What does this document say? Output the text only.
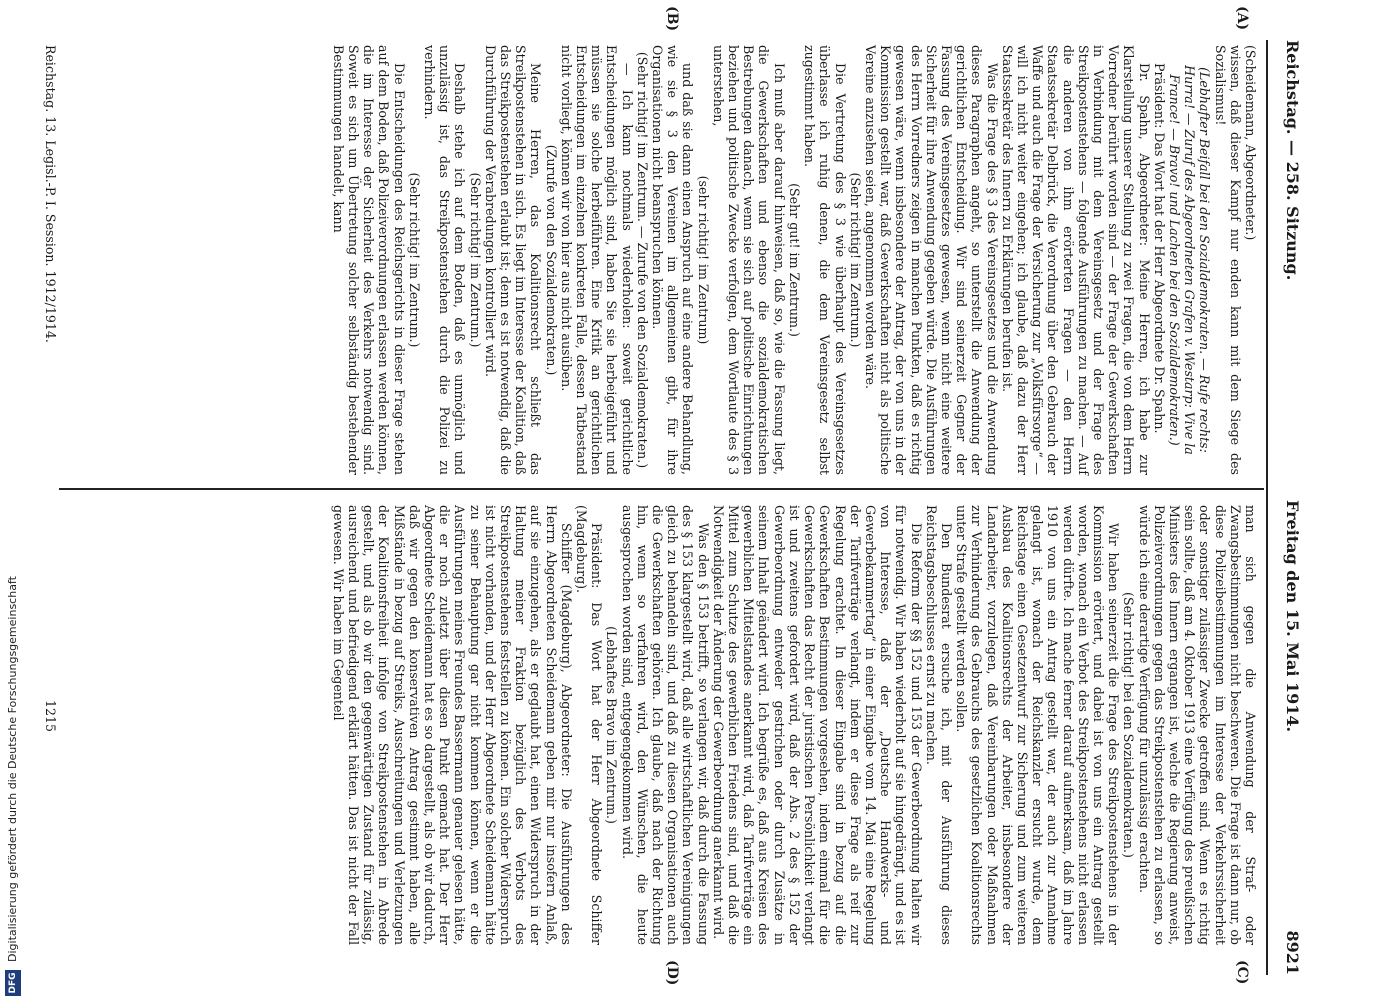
Reichstag. — 258. Sitzung.
Freitag den 15. Mai 1914.
8921
(A)
(B)
(C)
(D)

(Scheidemann, Abgeordneter.)

wissen, daß dieser Kampf nur enden kann mit dem Siege des Sozialismus!

(Lebhafter Beifall bei den Sozialdemokraten. — Rufe rechts: Hurra! — Zuruf des Abgeordneten Grafen v. Westarp: Vive la France! — Bravo! und Lachen bei den Sozialdemokraten.)

Präsident: Das Wort hat der Herr Abgeordnete Dr. Spahn.

Dr. Spahn, Abgeordneter: Meine Herren, ich habe zur Klarstellung unserer Stellung zu zwei Fragen, die von dem Herrn Vorredner berührt worden sind — der Frage der Gewerkschaften in Verbindung mit dem Vereinsgesetz und der Frage des Streikpostenstehens — folgende Ausführungen zu machen. — Auf die anderen von ihm erörterten Fragen — den Herrn Staatssekretär Delbrück, die Verordnung über den Gebrauch der Waffe und auch die Frage der Versicherung zur „Volksfürsorge“ — will ich nicht weiter eingehen; ich glaube, daß dazu der Herr Staatssekretär des Innern zu Erklärungen berufen ist.

Was die Frage des § 3 des Vereinsgesetzes und die Anwendung dieses Paragraphen angeht, so unterstellt die Anwendung der gerichtlichen Entscheidung. Wir sind seinerzeit Gegner der Fassung des Vereinsgesetzes gewesen, wenn nicht eine weitere Sicherheit für ihre Anwendung gegeben würde. Die Ausführungen des Herrn Vorredners zeigen in manchen Punkten, daß es richtig gewesen wäre, wenn insbesondere der Antrag, der von uns in der Kommission gestellt war, daß Gewerkschaften nicht als politische Vereine anzusehen seien, angenommen worden wäre.

(Sehr richtig! im Zentrum.)

Die Vertretung des § 3 wie überhaupt des Vereinsgesetzes überlasse ich ruhig denen, die dem Vereinsgesetz selbst zugestimmt haben.

(Sehr gut! im Zentrum.)

Ich muß aber darauf hinweisen, daß so, wie die Fassung liegt, die Gewerkschaften und ebenso die sozialdemokratischen Bestrebungen danach, wenn sie sich auf politische Einrichtungen beziehen und politische Zwecke verfolgen, dem Wortlaute des § 3 unterstehen,

(sehr richtig! im Zentrum)

und daß sie dann einen Anspruch auf eine andere Behandlung, wie sie § 3 den Vereinen im allgemeinen gibt, für ihre Organisationen nicht beanspruchen können.

(Sehr richtig! im Zentrum. — Zurufe von den Sozialdemokraten.)

— Ich kann nochmals wiederholen: soweit gerichtliche Entscheidungen möglich sind, haben Sie sie herbeigeführt und müssen sie solche herbeiführen. Eine Kritik an gerichtlichen Entscheidungen im einzelnen konkreten Falle, dessen Tatbestand nicht vorliegt, können wir von hier aus nicht ausüben.

(Zurufe von den Sozialdemokraten.)

Meine Herren, das Koalitionsrecht schließt das Streikpostenstehen in sich. Es liegt im Interesse der Koalition, daß das Streikpostenstehen erlaubt ist; denn es ist notwendig, daß die Durchführung der Verabredungen kontrolliert wird.

(Sehr richtig! im Zentrum.)

Deshalb stehe ich auf dem Boden, daß es unmöglich und unzulässig ist, das Streikpostenstehen durch die Polizei zu verhindern.

(Sehr richtig! im Zentrum.)

Die Entscheidungen des Reichsgerichts in dieser Frage stehen auf dem Boden, daß Polizeiverordnungen erlassen werden können, die im Interesse der Sicherheit des Verkehrs notwendig sind. Soweit es sich um Übertretung solcher selbständig bestehender Bestimmungen handelt, kann

man sich gegen die Anwendung der Straf- oder Zwangsbestimmungen nicht beschweren. Die Frage ist dann nur, ob diese Polizeibestimmungen im Interesse der Verkehrssicherheit oder sonstiger zulässiger Zwecke getroffen sind. Wenn es richtig sein sollte, daß am 4. Oktober 1913 eine Verfügung des preußischen Ministers des Innern ergangen ist, welche die Regierung anweist, Polizeiverordnungen gegen das Streikpostenstehen zu erlassen, so würde ich eine derartige Verfügung für unzulässig erachten.

(Sehr richtig! bei den Sozialdemokraten.)

Wir haben seinerzeit die Frage des Streikpostenstehens in der Kommission erörtert, und dabei ist von uns ein Antrag gestellt worden, wonach ein Verbot des Streikpostenstehens nicht erlassen werden dürfte. Ich mache ferner darauf aufmerksam, daß im Jahre 1910 von uns ein Antrag gestellt war, der auch zur Annahme gelangt ist, wonach der Reichskanzler ersucht wurde, dem Reichstage einen Gesetzentwurf zur Sicherung und zum weiteren Ausbau des Koalitionsrechts der Arbeiter, insbesondere der Landarbeiter, vorzulegen, daß Vereinbarungen oder Maßnahmen zur Verhinderung des Gebrauchs des gesetzlichen Koalitionsrechts unter Strafe gestellt werden sollen.

Den Bundesrat ersuche ich, mit der Ausführung dieses Reichstagsbeschlusses ernst zu machen.

Die Reform der §§ 152 und 153 der Gewerbeordnung halten wir für notwendig. Wir haben wiederholt auf sie hingedrängt, und es ist von Interesse, daß der „Deutsche Handwerks- und Gewerbekammertag“ in einer Eingabe vom 14. Mai eine Regelung der Tarifverträge verlangt, indem er diese Frage als reif zur Regelung erachtet. In dieser Eingabe sind in bezug auf die Gewerkschaften Bestimmungen vorgesehen, indem einmal für die Gewerkschaften das Recht der juristischen Persönlichkeit verlangt ist und zweitens gefordert wird, daß der Abs. 2 des § 152 der Gewerbeordnung entweder gestrichen oder durch Zusätze in seinem Inhalt geändert wird. Ich begrüße es, daß aus Kreisen des gewerblichen Mittelstandes anerkannt wird, daß Tarifverträge ein Mittel zum Schutze des gewerblichen Friedens sind, und daß die Notwendigkeit der Änderung der Gewerbeordnung anerkannt wird.

Was den § 153 betrifft, so verlangen wir, daß durch die Fassung des § 153 klargestellt wird, daß alle wirtschaftlichen Vereinigungen gleich zu behandeln sind, und daß zu diesen Organisationen auch die Gewerkschaften gehören. Ich glaube, daß nach der Richtung hin, wenn so verfahren wird, den Wünschen, die heute ausgesprochen worden sind, entgegengekommen wird.

(Lebhaftes Bravo im Zentrum.)

Präsident: Das Wort hat der Herr Abgeordnete Schiffer (Magdeburg).

Schiffer (Magdeburg), Abgeordneter: Die Ausführungen des Herrn Abgeordneten Scheidemann geben mir nur insofern Anlaß, auf sie einzugehen, als er geglaubt hat, einen Widerspruch in der Haltung meiner Fraktion bezüglich des Verbots des Streikpostenstehens feststellen zu können. Ein solcher Widerspruch ist nicht vorhanden, und der Herr Abgeordnete Scheidemann hätte zu seiner Behauptung gar nicht kommen können, wenn er die Ausführungen meines Freundes Bassermann genauer gelesen hätte, die er noch zuletzt über diesen Punkt gemacht hat. Der Herr Abgeordnete Scheidemann hat es so dargestellt, als ob wir dadurch, daß wir gegen den konservativen Antrag gestimmt haben, alle Mißstände in bezug auf Streiks, Ausschreitungen und Verletzungen der Koalitionsfreiheit infolge von Streikpostenstehen in Abrede gestellt, und als ob wir den gegenwärtigen Zustand für zulässig, ausreichend und befriedigend erklärt hätten. Das ist nicht der Fall gewesen. Wir haben im Gegenteil

Reichstag. 13. Legisl.-P. I. Session. 1912/1914.
1215
DFG
Digitalisierung gefördert durch die Deutsche Forschungsgemeinschaft
